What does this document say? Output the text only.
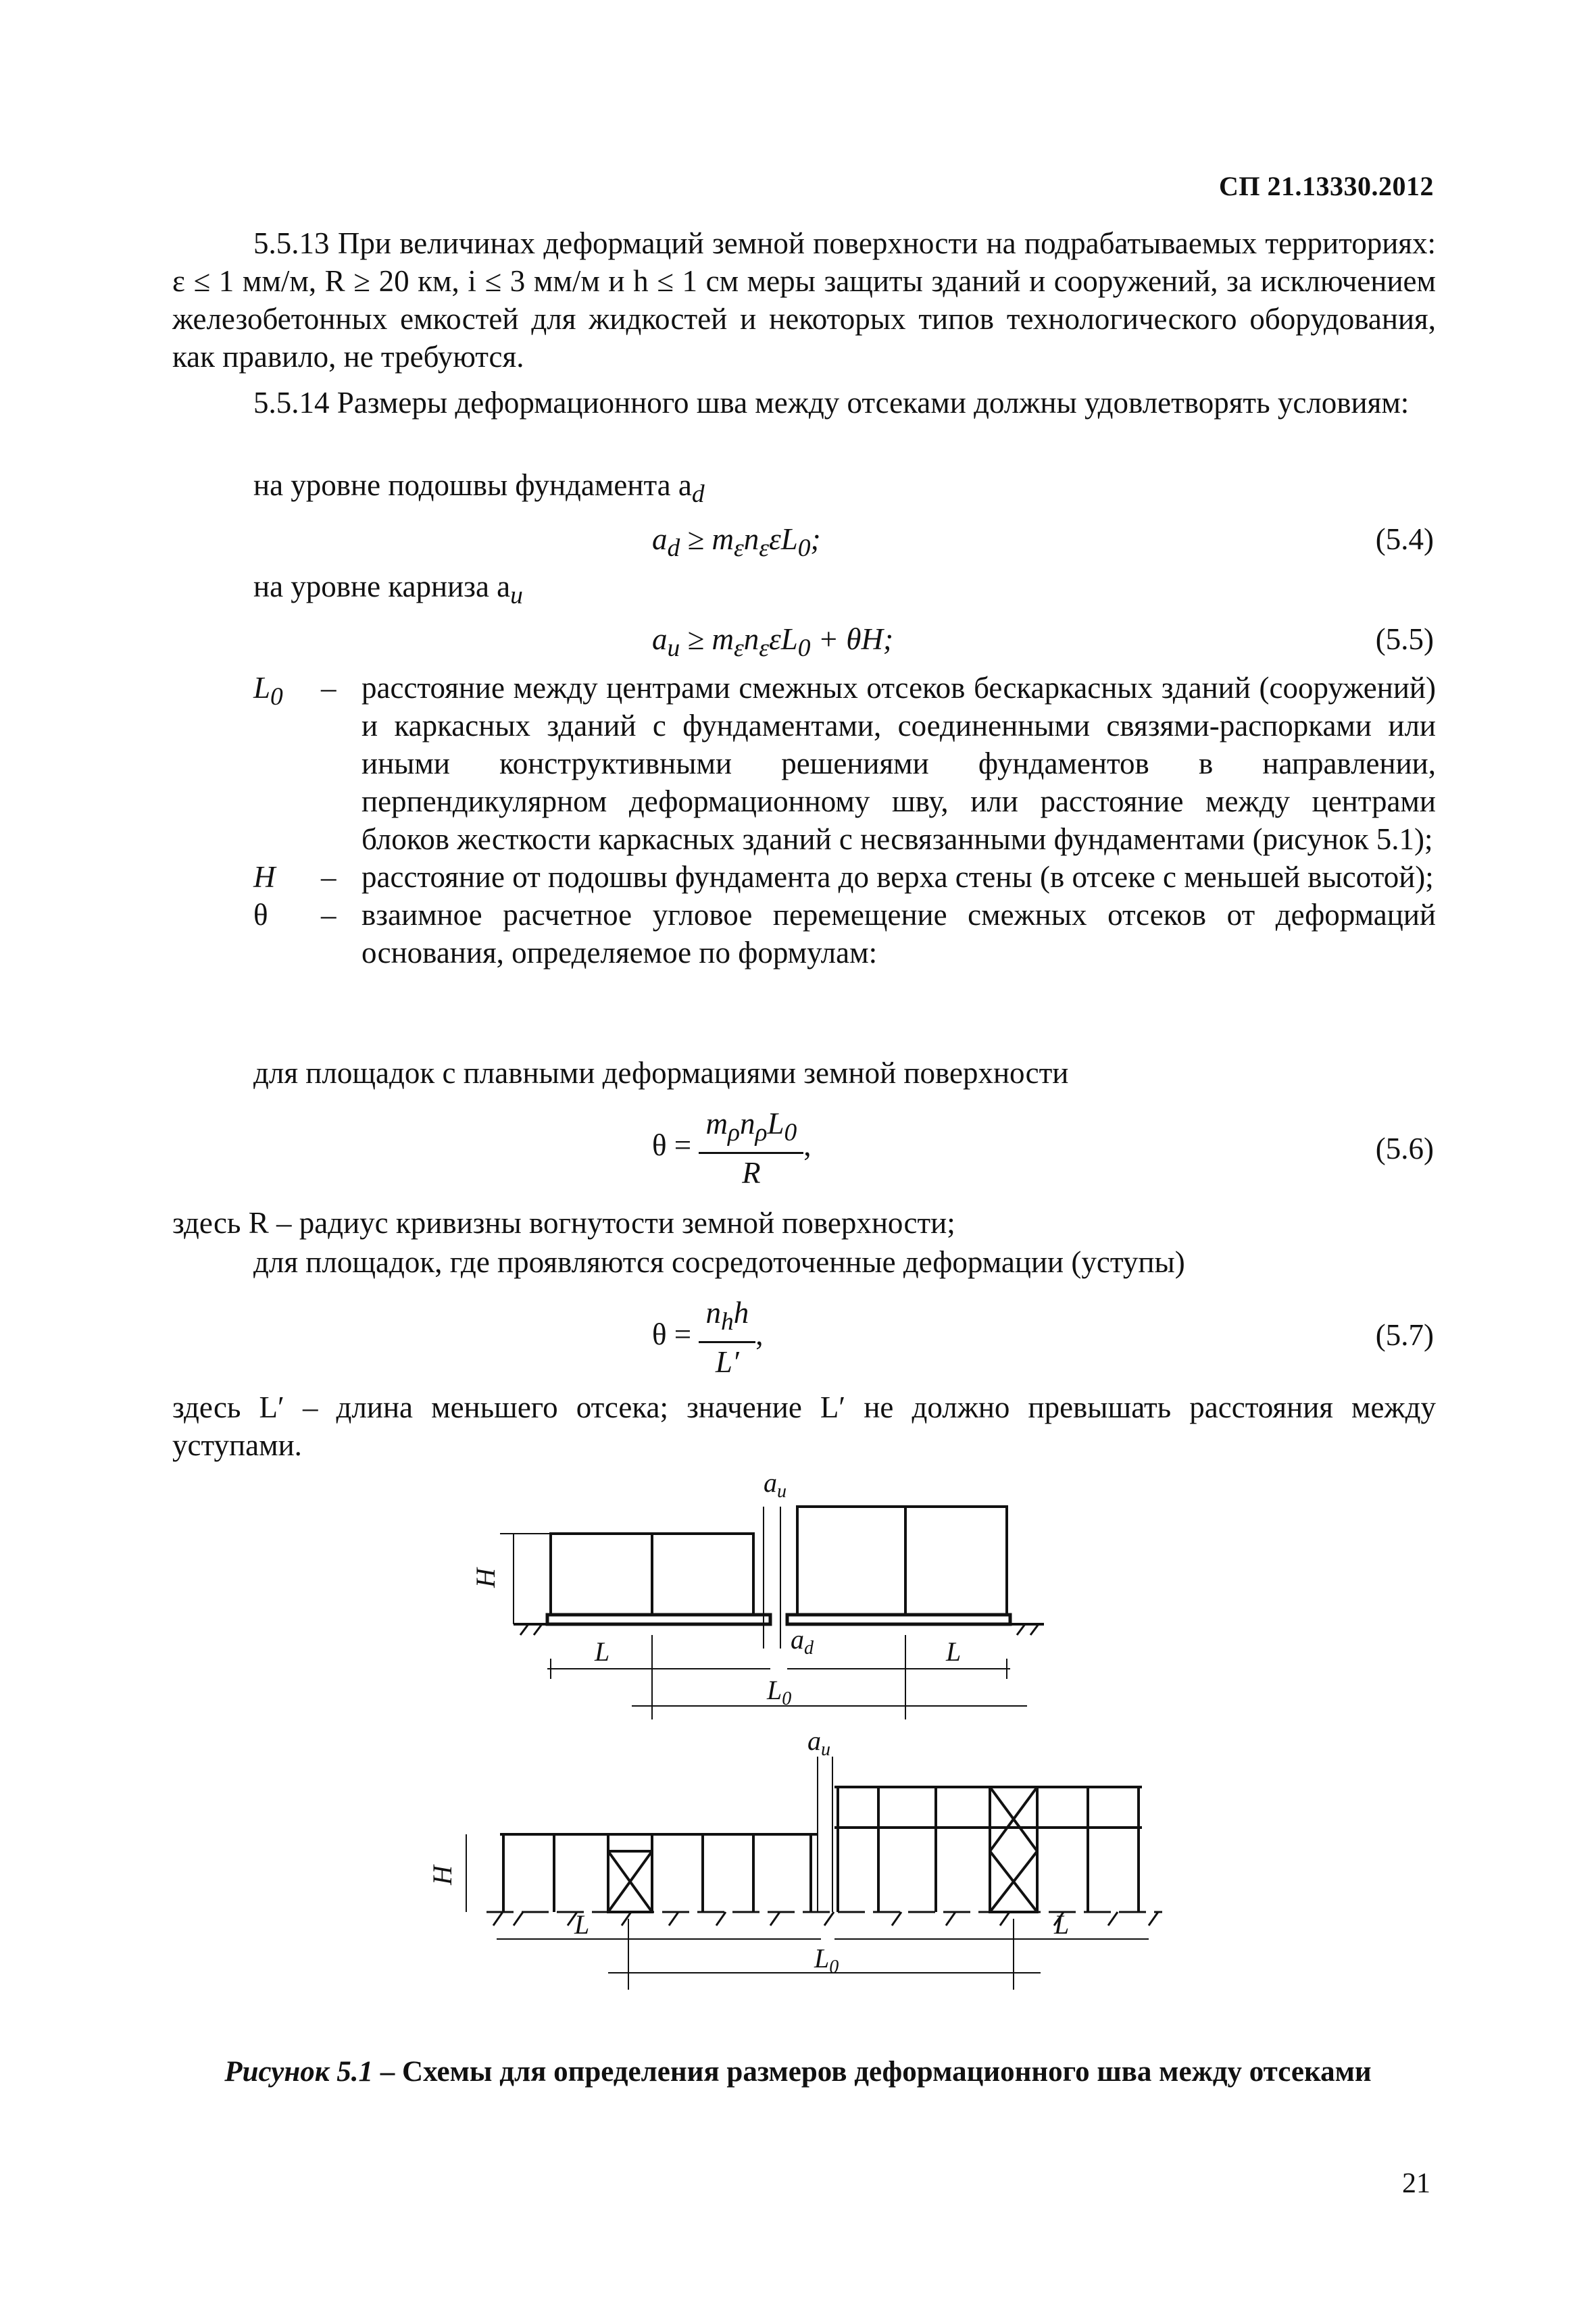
СП 21.13330.2012
5.5.13 При величинах деформаций земной поверхности на подрабатываемых территориях: ε ≤ 1 мм/м, R ≥ 20 км, i ≤ 3 мм/м и h ≤ 1 см меры защиты зданий и сооружений, за исключением железобетонных емкостей для жидкостей и некоторых типов технологического оборудования, как правило, не требуются.
5.5.14 Размеры деформационного шва между отсеками должны удовлетворять условиям:
на уровне подошвы фундамента $a_d$
$a_d \ge m_\varepsilon n_\varepsilon\varepsilon L_0$;	(5.4)
на уровне карниза $a_u$
$a_u \ge m_\varepsilon n_\varepsilon\varepsilon L_0 + \theta H$;	(5.5)
$L_0$	– расстояние между центрами смежных отсеков бескаркасных зданий (сооружений) и каркасных зданий с фундаментами, соединенными связями-распорками или иными конструктивными решениями фундаментов в направлении, перпендикулярном деформационному шву, или расстояние между центрами блоков жесткости каркасных зданий с несвязанными фундаментами (рисунок 5.1);
H	– расстояние от подошвы фундамента до верха стены (в отсеке с меньшей высотой);
θ	– взаимное расчетное угловое перемещение смежных отсеков от деформаций основания, определяемое по формулам:
для площадок с плавными деформациями земной поверхности
$\theta = \frac{m_\rho n_\rho L_0}{R}$ ,	(5.6)
здесь R – радиус кривизны вогнутости земной поверхности;
для площадок, где проявляются сосредоточенные деформации (уступы)
$\theta = \frac{n_hh}{L'}$ ,	(5.7)
здесь L′ – длина меньшего отсека; значение L′ не должно превышать расстояния между уступами.
$a_u$
H
L	$a_d$	L
$L_0$
$a_u$
H
L	L
$L_0$
Рисунок 5.1 – Схемы для определения размеров деформационного шва между отсеками
21
